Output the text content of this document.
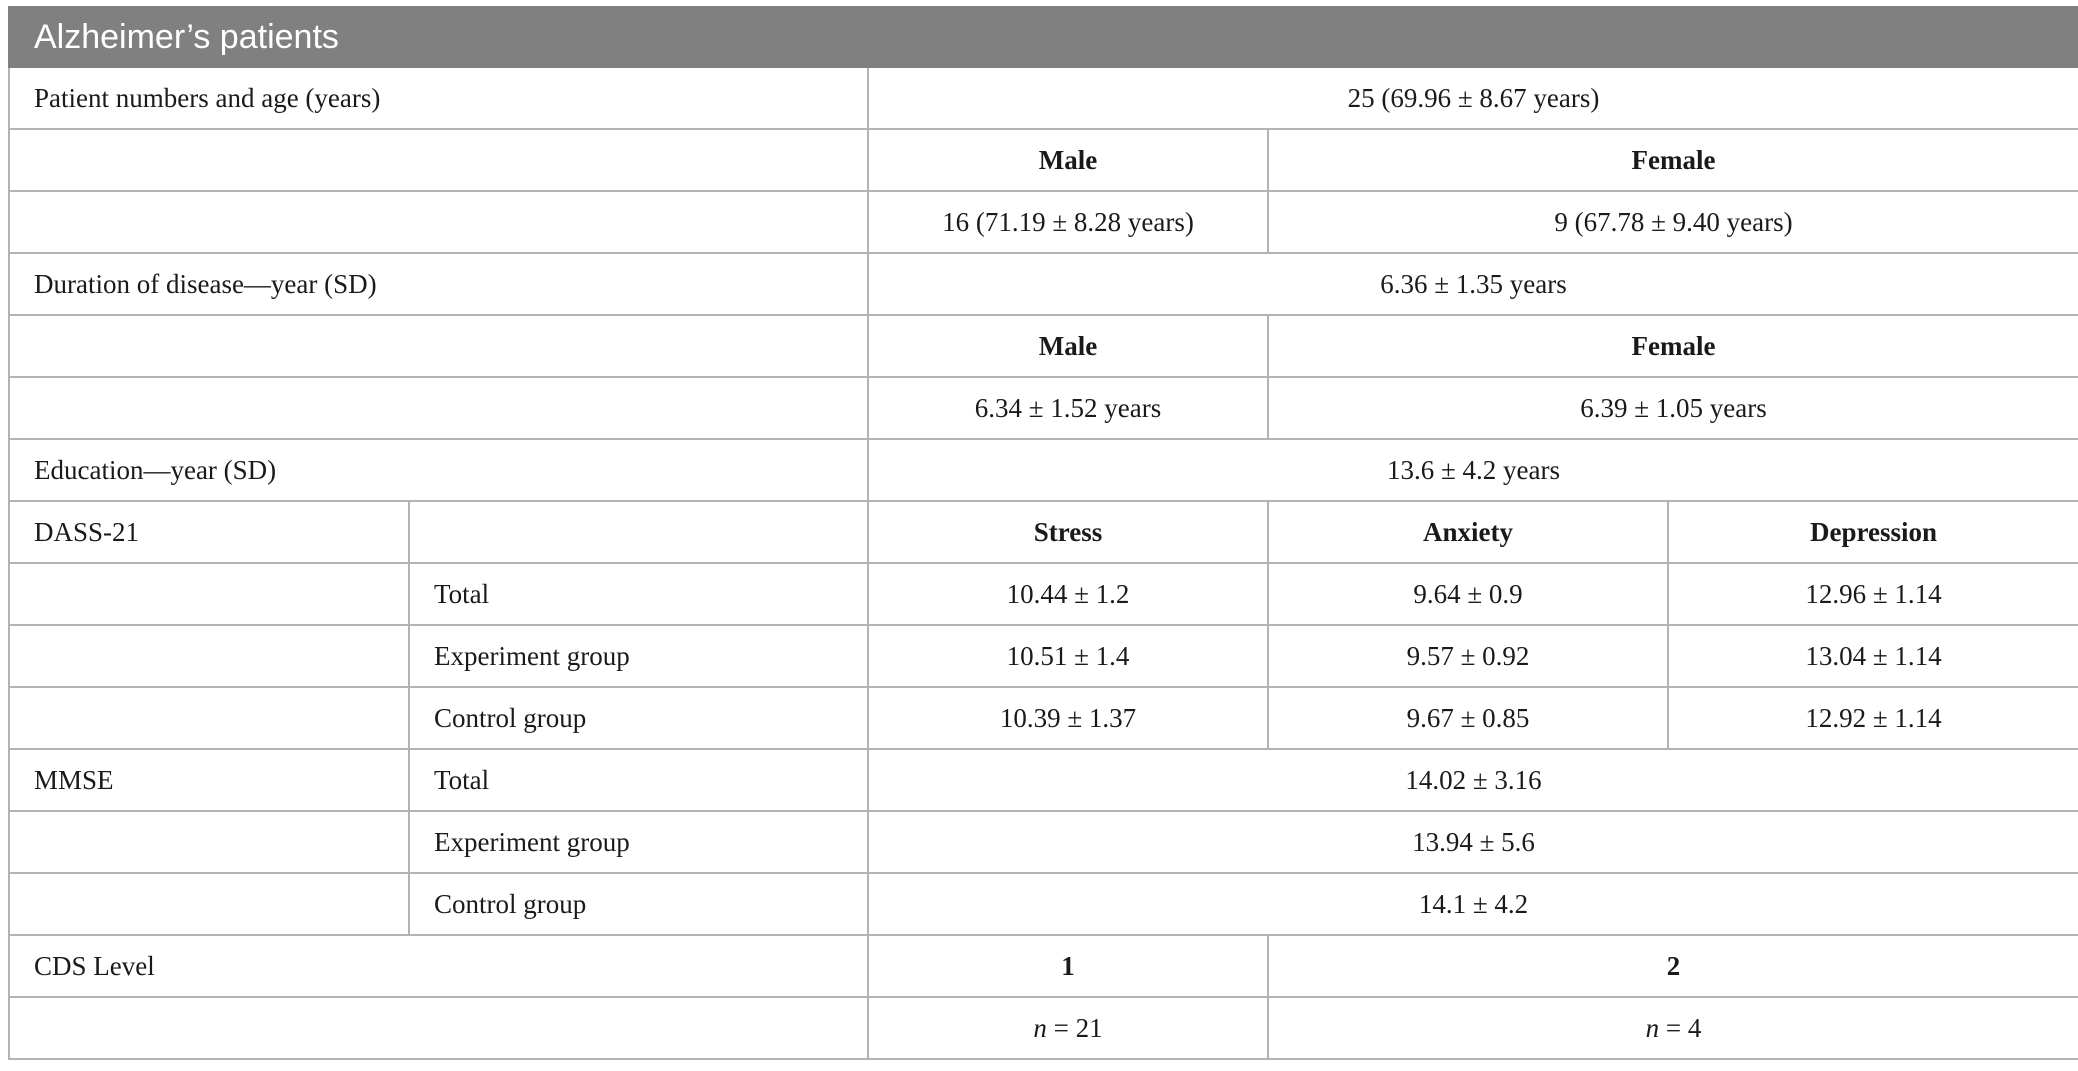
Alzheimer’s patients				
Patient numbers and age (years)		25 (69.96 ± 8.67 years)		
		Male	Female	
		16 (71.19 ± 8.28 years)	9 (67.78 ± 9.40 years)	
Duration of disease—year (SD)		6.36 ± 1.35 years		
		Male	Female	
		6.34 ± 1.52 years	6.39 ± 1.05 years	
Education—year (SD)		13.6 ± 4.2 years		
DASS-21		Stress	Anxiety	Depression
	Total	10.44 ± 1.2	9.64 ± 0.9	12.96 ± 1.14
	Experiment group	10.51 ± 1.4	9.57 ± 0.92	13.04 ± 1.14
	Control group	10.39 ± 1.37	9.67 ± 0.85	12.92 ± 1.14
MMSE	Total	14.02 ± 3.16		
	Experiment group	13.94 ± 5.6		
	Control group	14.1 ± 4.2		
CDS Level		1	2	
		n = 21	n = 4	
